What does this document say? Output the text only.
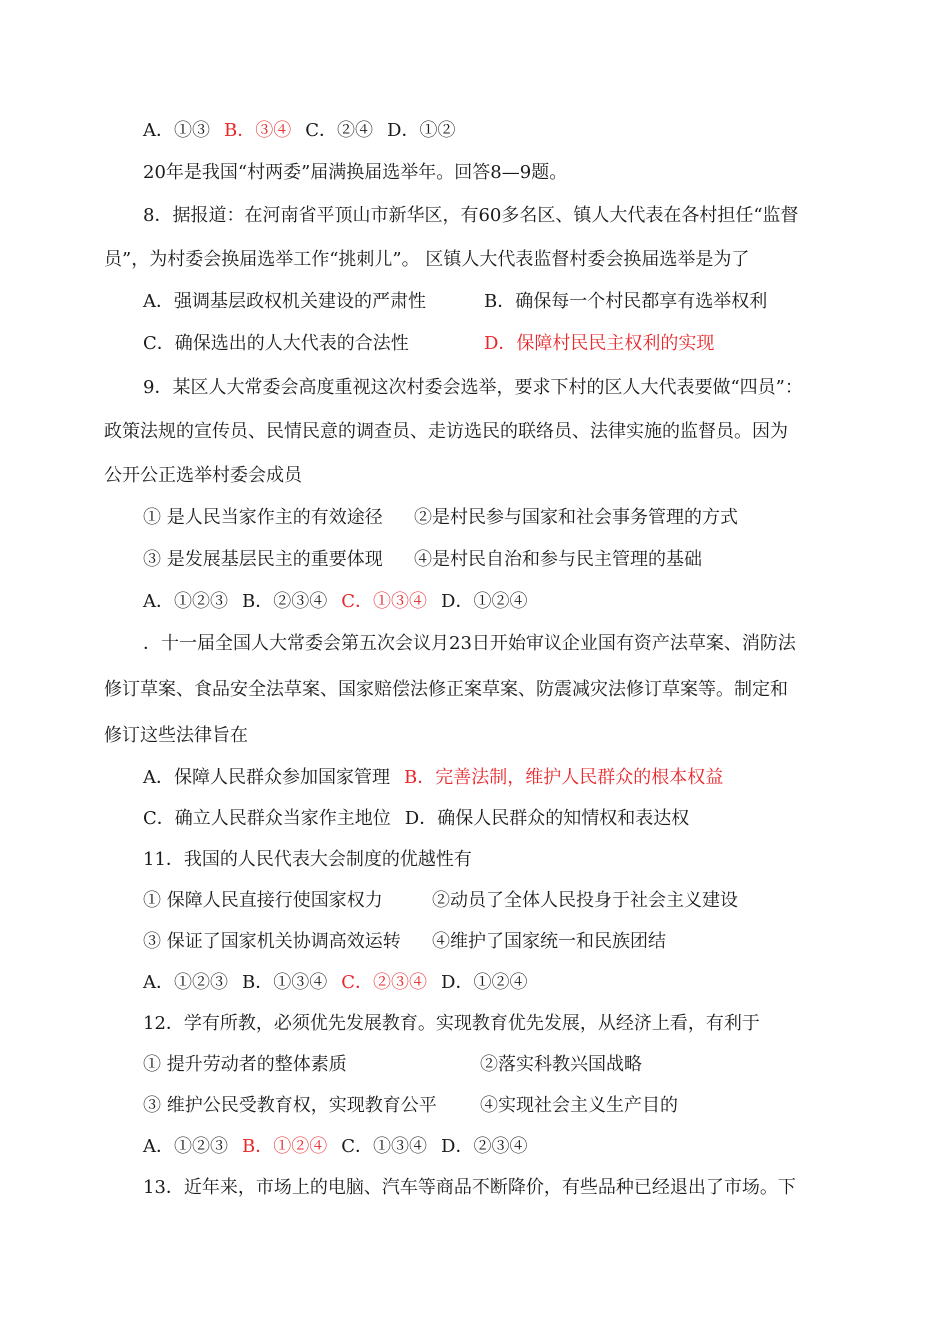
A．①③ B．③④ C．②④ D．①②
20年是我国“村两委”届满换届选举年。回答8—9题。
8．据报道：在河南省平顶山市新华区，有60多名区、镇人大代表在各村担任“监督
员”，为村委会换届选举工作“挑刺儿”。 区镇人大代表监督村委会换届选举是为了
A．强调基层政权机关建设的严肃性	B．确保每一个村民都享有选举权利
C．确保选出的人大代表的合法性	D．保障村民民主权利的实现
9．某区人大常委会高度重视这次村委会选举，要求下村的区人大代表要做“四员”：
政策法规的宣传员、民情民意的调查员、走访选民的联络员、法律实施的监督员。因为
公开公正选举村委会成员
① 是人民当家作主的有效途径 ②是村民参与国家和社会事务管理的方式
③ 是发展基层民主的重要体现 ④是村民自治和参与民主管理的基础
A．①②③ B．②③④ C．①③④ D．①②④
．十一届全国人大常委会第五次会议月23日开始审议企业国有资产法草案、消防法
修订草案、食品安全法草案、国家赔偿法修正案草案、防震减灾法修订草案等。制定和
修订这些法律旨在
A．保障人民群众参加国家管理 B．完善法制，维护人民群众的根本权益
C．确立人民群众当家作主地位 D．确保人民群众的知情权和表达权
11．我国的人民代表大会制度的优越性有
① 保障人民直接行使国家权力	②动员了全体人民投身于社会主义建设
③ 保证了国家机关协调高效运转 ④维护了国家统一和民族团结
A．①②③ B．①③④ C．②③④ D．①②④
12．学有所教，必须优先发展教育。实现教育优先发展，从经济上看，有利于
① 提升劳动者的整体素质	②落实科教兴国战略
③ 维护公民受教育权，实现教育公平 ④实现社会主义生产目的
A．①②③ B．①②④ C．①③④ D．②③④
13．近年来，市场上的电脑、汽车等商品不断降价，有些品种已经退出了市场。下
